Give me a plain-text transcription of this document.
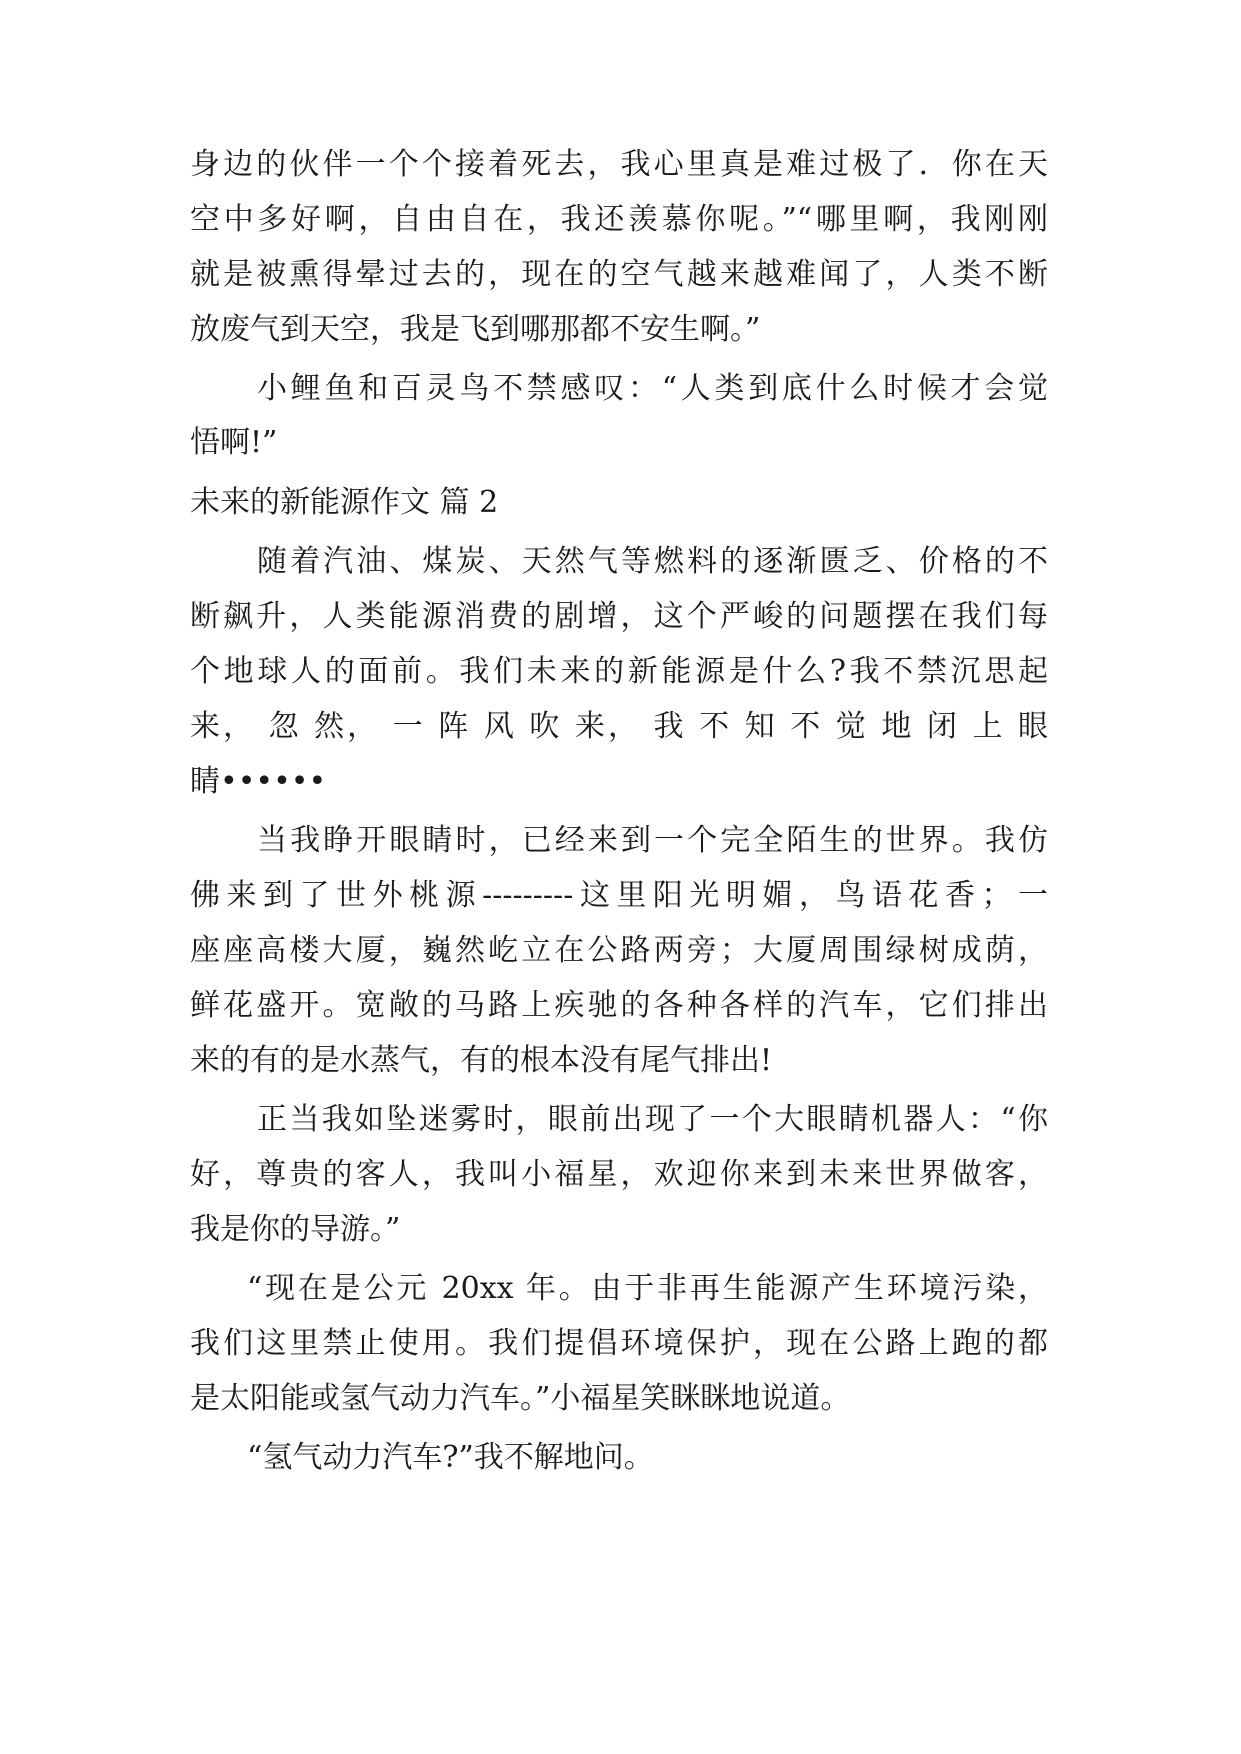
身边的伙伴一个个接着死去，我心里真是难过极了．你在天
空中多好啊，自由自在，我还羡慕你呢。”“哪里啊，我刚刚
就是被熏得晕过去的，现在的空气越来越难闻了，人类不断
放废气到天空，我是飞到哪那都不安生啊。”
小鲤鱼和百灵鸟不禁感叹：“人类到底什么时候才会觉
悟啊!”
未来的新能源作文 篇 2
随着汽油、煤炭、天然气等燃料的逐渐匮乏、价格的不
断飙升，人类能源消费的剧增，这个严峻的问题摆在我们每
个地球人的面前。我们未来的新能源是什么?我不禁沉思起
来， 忽 然， 一 阵 风 吹 来， 我 不 知 不 觉 地 闭 上 眼
睛••••••
当我睁开眼睛时，已经来到一个完全陌生的世界。我仿
佛来到了世外桃源---------这里阳光明媚，鸟语花香；一
座座高楼大厦，巍然屹立在公路两旁；大厦周围绿树成荫，
鲜花盛开。宽敞的马路上疾驰的各种各样的汽车，它们排出
来的有的是水蒸气，有的根本没有尾气排出!
正当我如坠迷雾时，眼前出现了一个大眼睛机器人：“你
好，尊贵的客人，我叫小福星，欢迎你来到未来世界做客，
我是你的导游。”
“现在是公元 20xx 年。由于非再生能源产生环境污染，
我们这里禁止使用。我们提倡环境保护，现在公路上跑的都
是太阳能或氢气动力汽车。”小福星笑眯眯地说道。
“氢气动力汽车?”我不解地问。
